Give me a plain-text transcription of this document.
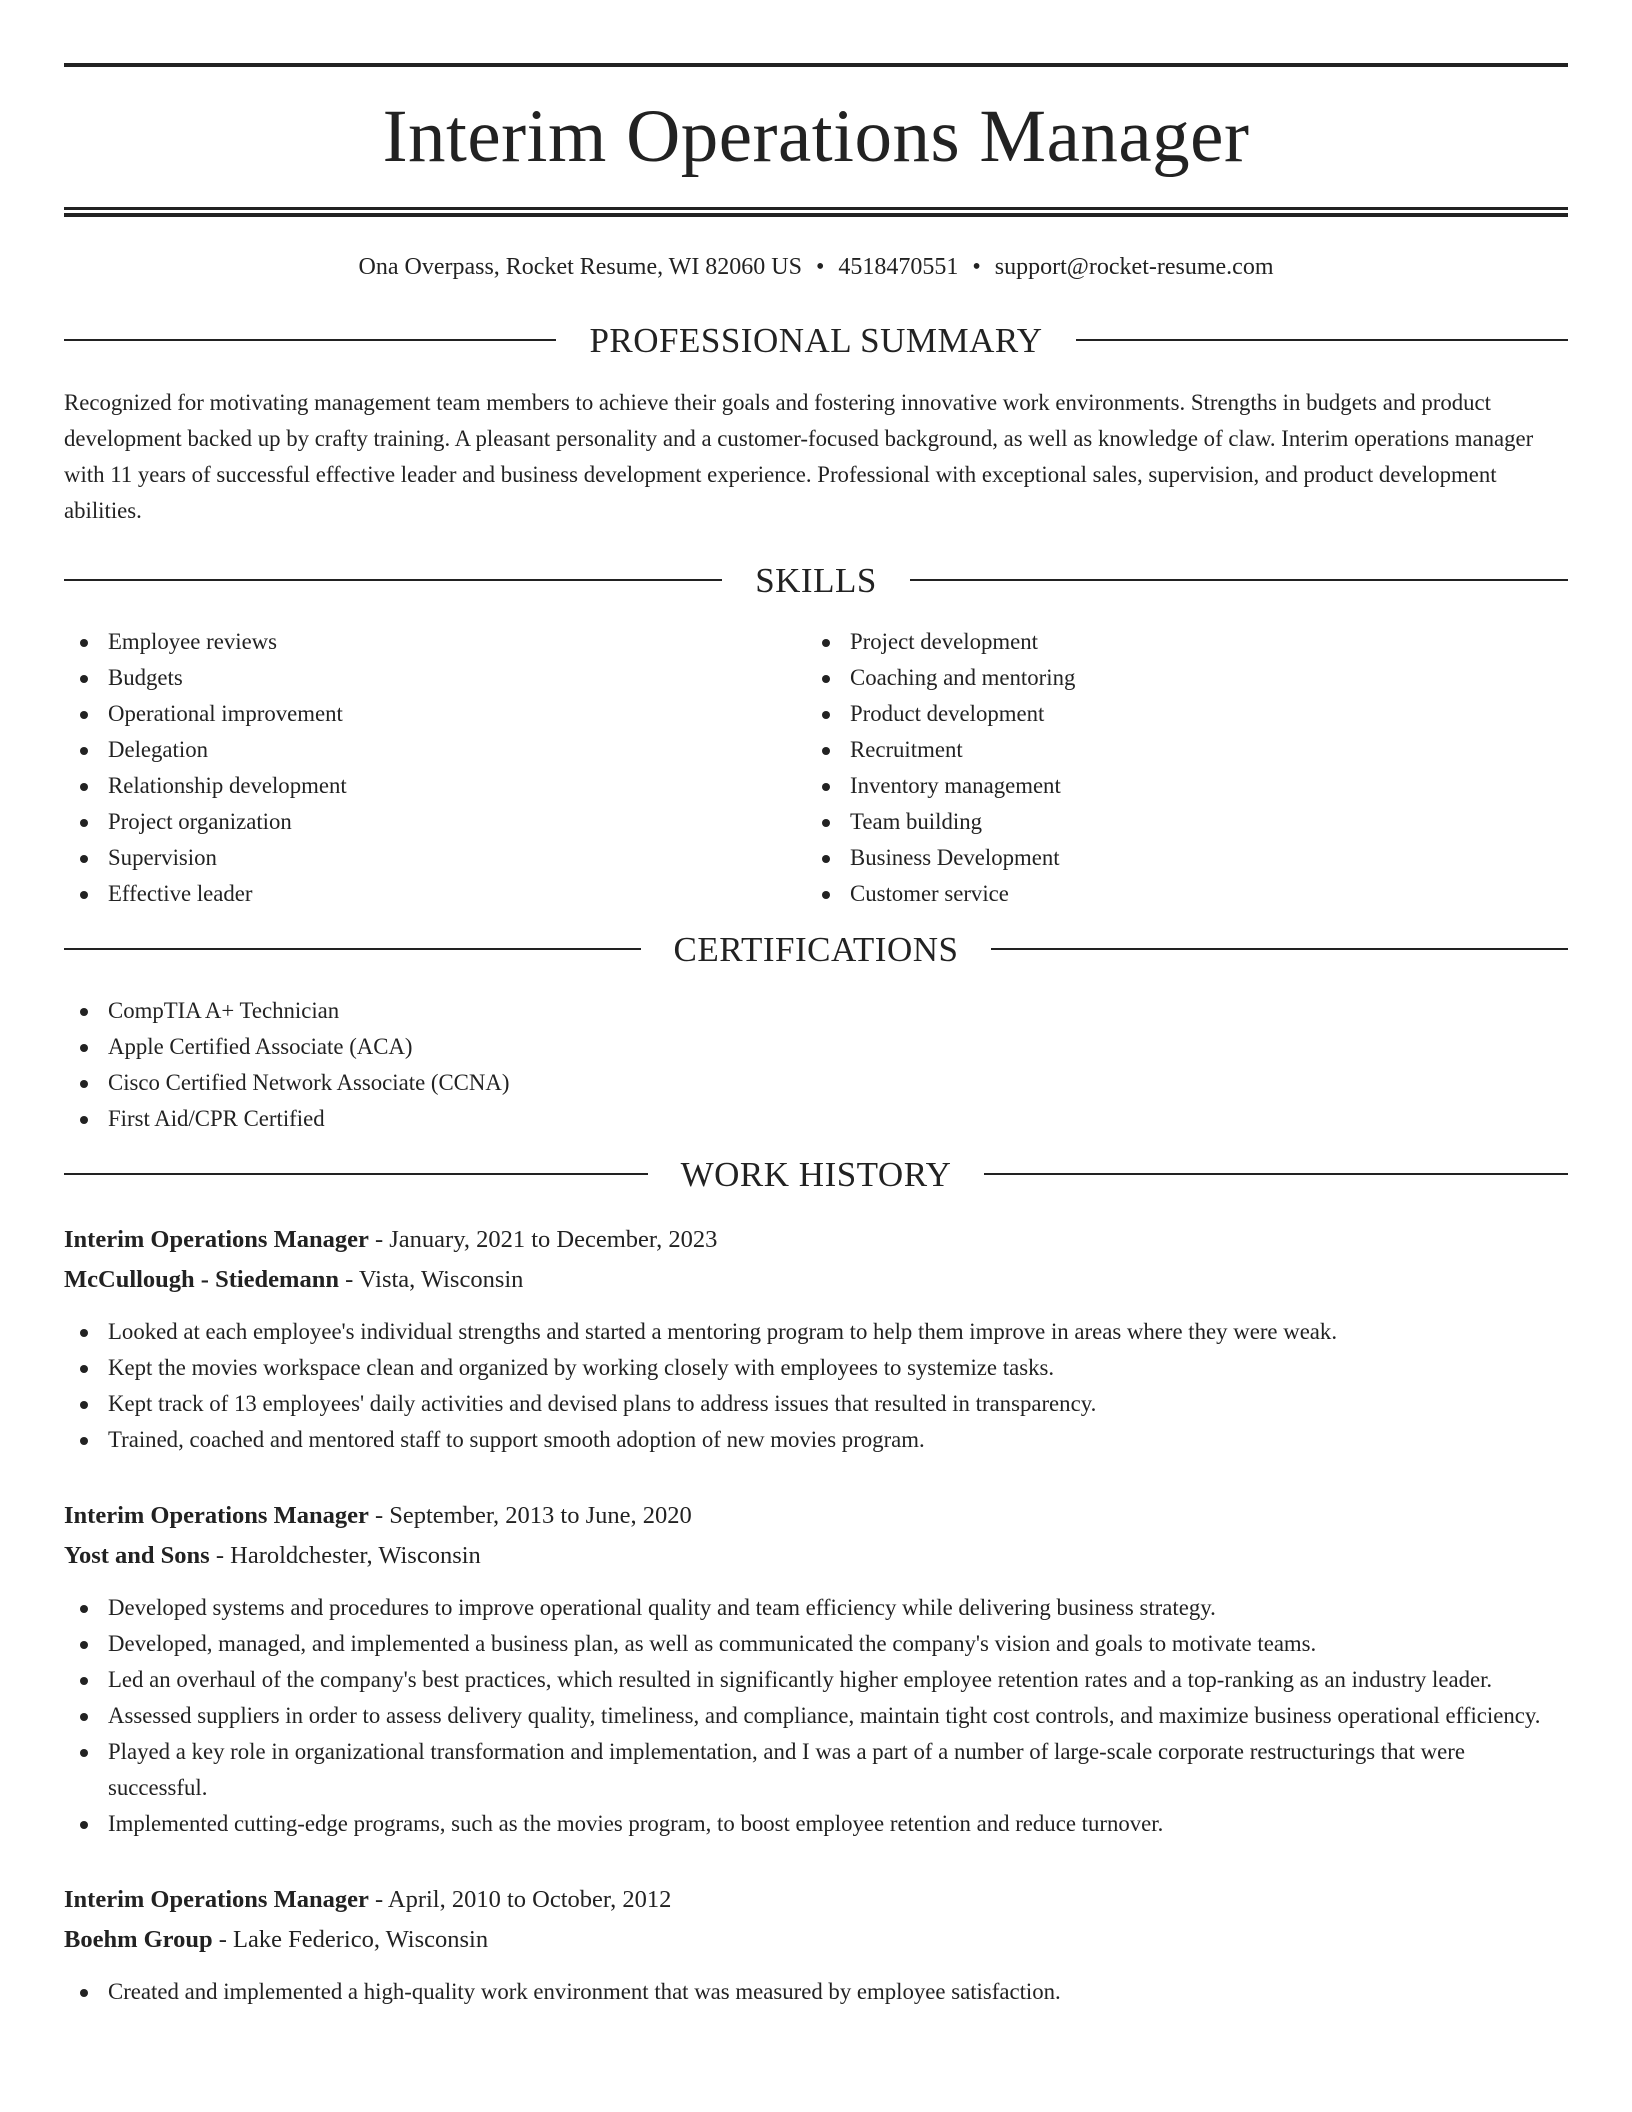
Interim Operations Manager
Ona Overpass, Rocket Resume, WI 82060 US • 4518470551 • support@rocket-resume.com
PROFESSIONAL SUMMARY

Recognized for motivating management team members to achieve their goals and fostering innovative work environments. Strengths in budgets and product development backed up by crafty training. A pleasant personality and a customer-focused background, as well as knowledge of claw. Interim operations manager with 11 years of successful effective leader and business development experience. Professional with exceptional sales, supervision, and product development abilities.

SKILLS
Employee reviews
Budgets
Operational improvement
Delegation
Relationship development
Project organization
Supervision
Effective leader
Project development
Coaching and mentoring
Product development
Recruitment
Inventory management
Team building
Business Development
Customer service
CERTIFICATIONS
CompTIA A+ Technician
Apple Certified Associate (ACA)
Cisco Certified Network Associate (CCNA)
First Aid/CPR Certified
WORK HISTORY
Interim Operations Manager - January, 2021 to December, 2023
McCullough - Stiedemann - Vista, Wisconsin
Looked at each employee's individual strengths and started a mentoring program to help them improve in areas where they were weak.
Kept the movies workspace clean and organized by working closely with employees to systemize tasks.
Kept track of 13 employees' daily activities and devised plans to address issues that resulted in transparency.
Trained, coached and mentored staff to support smooth adoption of new movies program.
Interim Operations Manager - September, 2013 to June, 2020
Yost and Sons - Haroldchester, Wisconsin
Developed systems and procedures to improve operational quality and team efficiency while delivering business strategy.
Developed, managed, and implemented a business plan, as well as communicated the company's vision and goals to motivate teams.
Led an overhaul of the company's best practices, which resulted in significantly higher employee retention rates and a top-ranking as an industry leader.
Assessed suppliers in order to assess delivery quality, timeliness, and compliance, maintain tight cost controls, and maximize business operational efficiency.
Played a key role in organizational transformation and implementation, and I was a part of a number of large-scale corporate restructurings that were successful.
Implemented cutting-edge programs, such as the movies program, to boost employee retention and reduce turnover.
Interim Operations Manager - April, 2010 to October, 2012
Boehm Group - Lake Federico, Wisconsin
Created and implemented a high-quality work environment that was measured by employee satisfaction.
